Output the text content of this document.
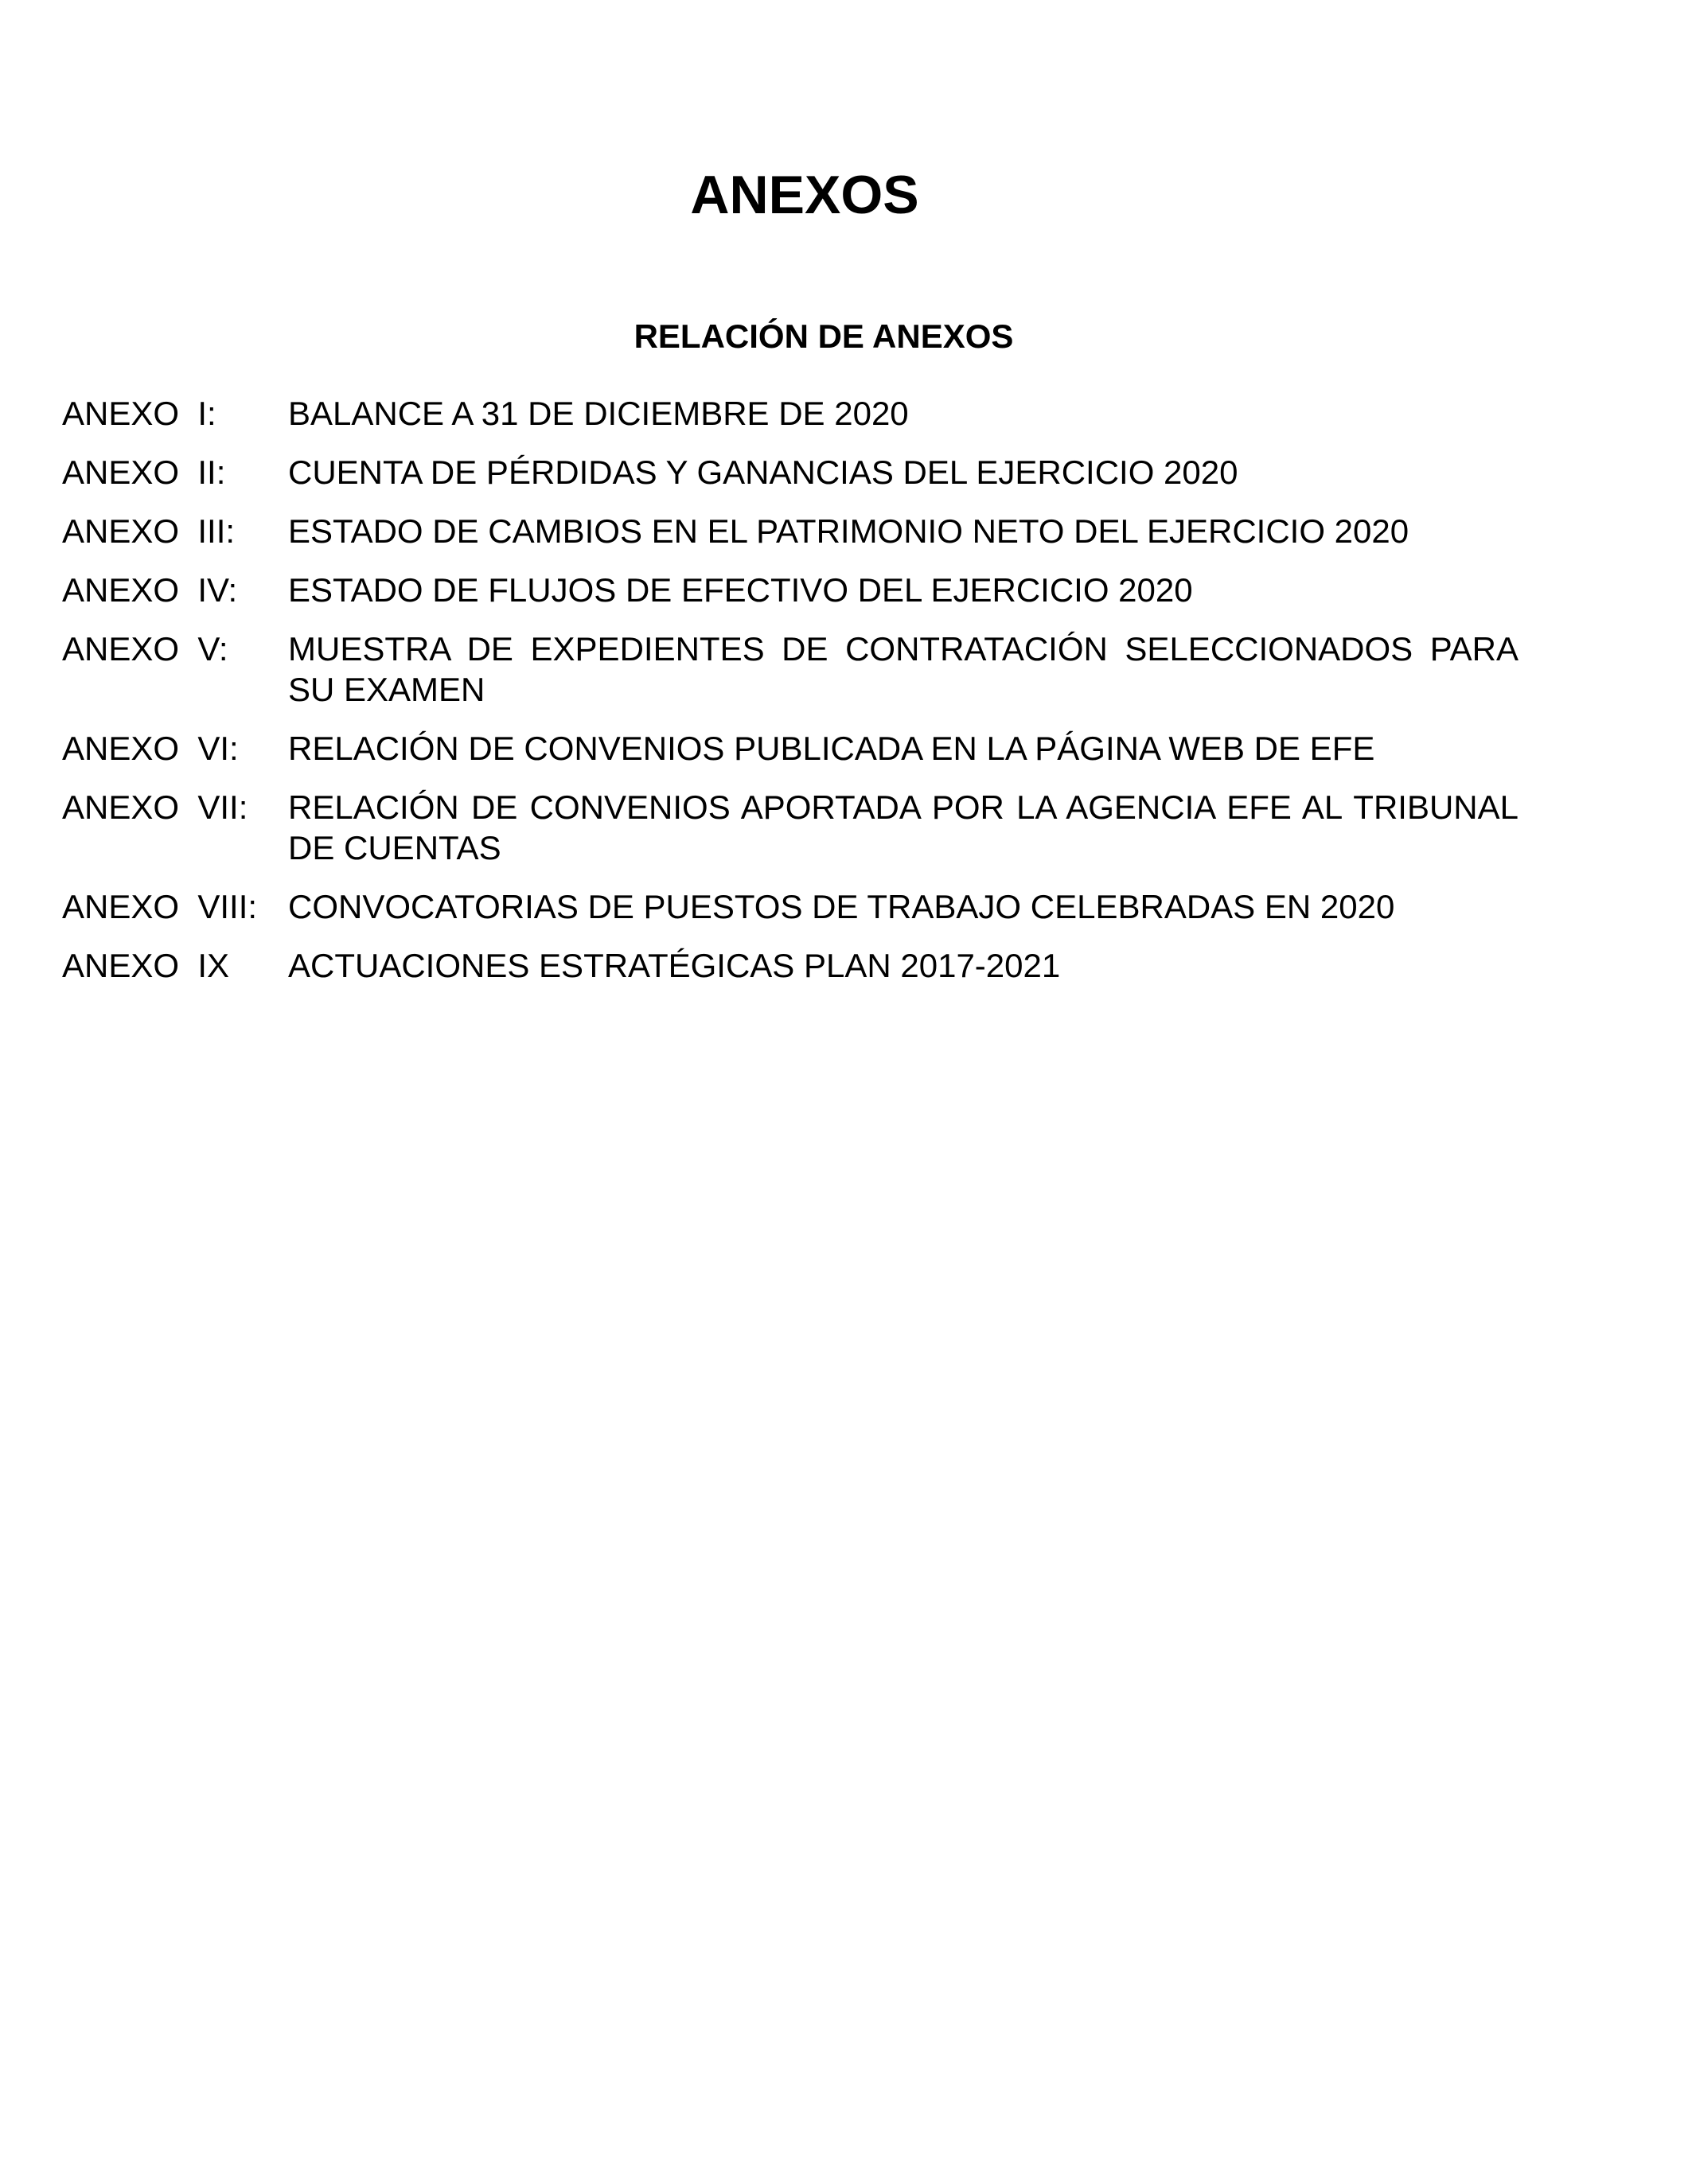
ANEXOS
RELACIÓN DE ANEXOS
ANEXO  I:	BALANCE A 31 DE DICIEMBRE DE 2020
ANEXO  II:	CUENTA DE PÉRDIDAS Y GANANCIAS DEL EJERCICIO 2020
ANEXO  III:	ESTADO DE CAMBIOS EN EL PATRIMONIO NETO DEL EJERCICIO 2020
ANEXO  IV:	ESTADO DE FLUJOS DE EFECTIVO DEL EJERCICIO 2020
ANEXO  V:	MUESTRA DE EXPEDIENTES DE CONTRATACIÓN SELECCIONADOS PARA SU EXAMEN
ANEXO  VI:	RELACIÓN DE CONVENIOS PUBLICADA EN LA PÁGINA WEB DE EFE
ANEXO  VII:	RELACIÓN DE CONVENIOS APORTADA POR LA AGENCIA EFE AL TRIBUNAL DE CUENTAS
ANEXO  VIII: CONVOCATORIAS DE PUESTOS DE TRABAJO CELEBRADAS EN 2020
ANEXO  IX	ACTUACIONES ESTRATÉGICAS PLAN 2017-2021
